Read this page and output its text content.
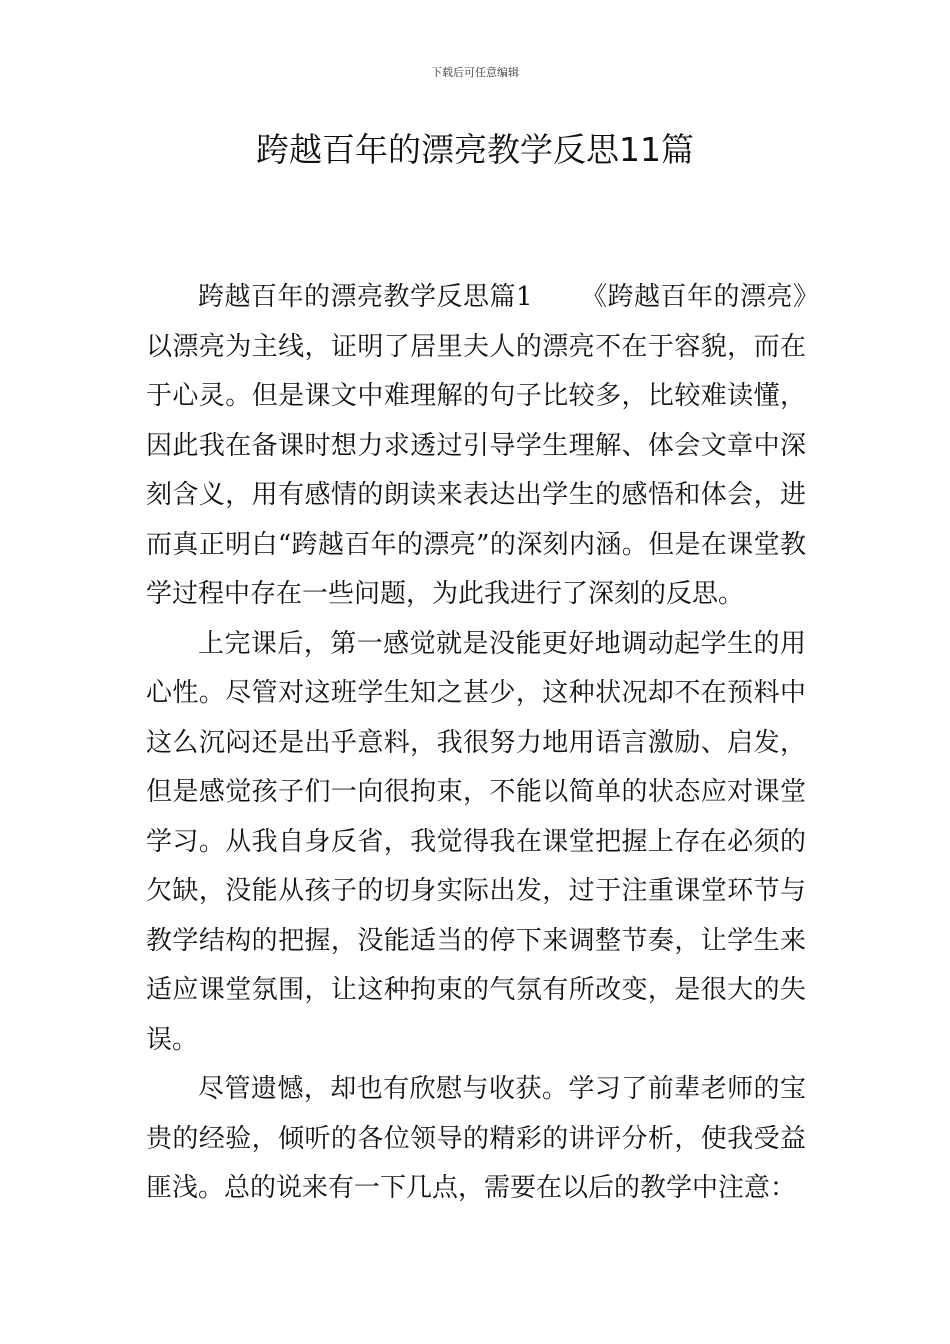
下载后可任意编辑
跨越百年的漂亮教学反思11篇

跨越百年的漂亮教学反思篇1 《跨越百年的漂亮》以漂亮为主线，证明了居里夫人的漂亮不在于容貌，而在于心灵。但是课文中难理解的句子比较多，比较难读懂，因此我在备课时想力求透过引导学生理解、体会文章中深刻含义，用有感情的朗读来表达出学生的感悟和体会，进而真正明白“跨越百年的漂亮”的深刻内涵。但是在课堂教学过程中存在一些问题，为此我进行了深刻的反思。

上完课后，第一感觉就是没能更好地调动起学生的用心性。尽管对这班学生知之甚少，这种状况却不在预料中这么沉闷还是出乎意料，我很努力地用语言激励、启发，但是感觉孩子们一向很拘束，不能以简单的状态应对课堂学习。从我自身反省，我觉得我在课堂把握上存在必须的欠缺，没能从孩子的切身实际出发，过于注重课堂环节与教学结构的把握，没能适当的停下来调整节奏，让学生来适应课堂氛围，让这种拘束的气氛有所改变，是很大的失误。

尽管遗憾，却也有欣慰与收获。学习了前辈老师的宝贵的经验，倾听的各位领导的精彩的讲评分析，使我受益匪浅。总的说来有一下几点，需要在以后的教学中注意：
